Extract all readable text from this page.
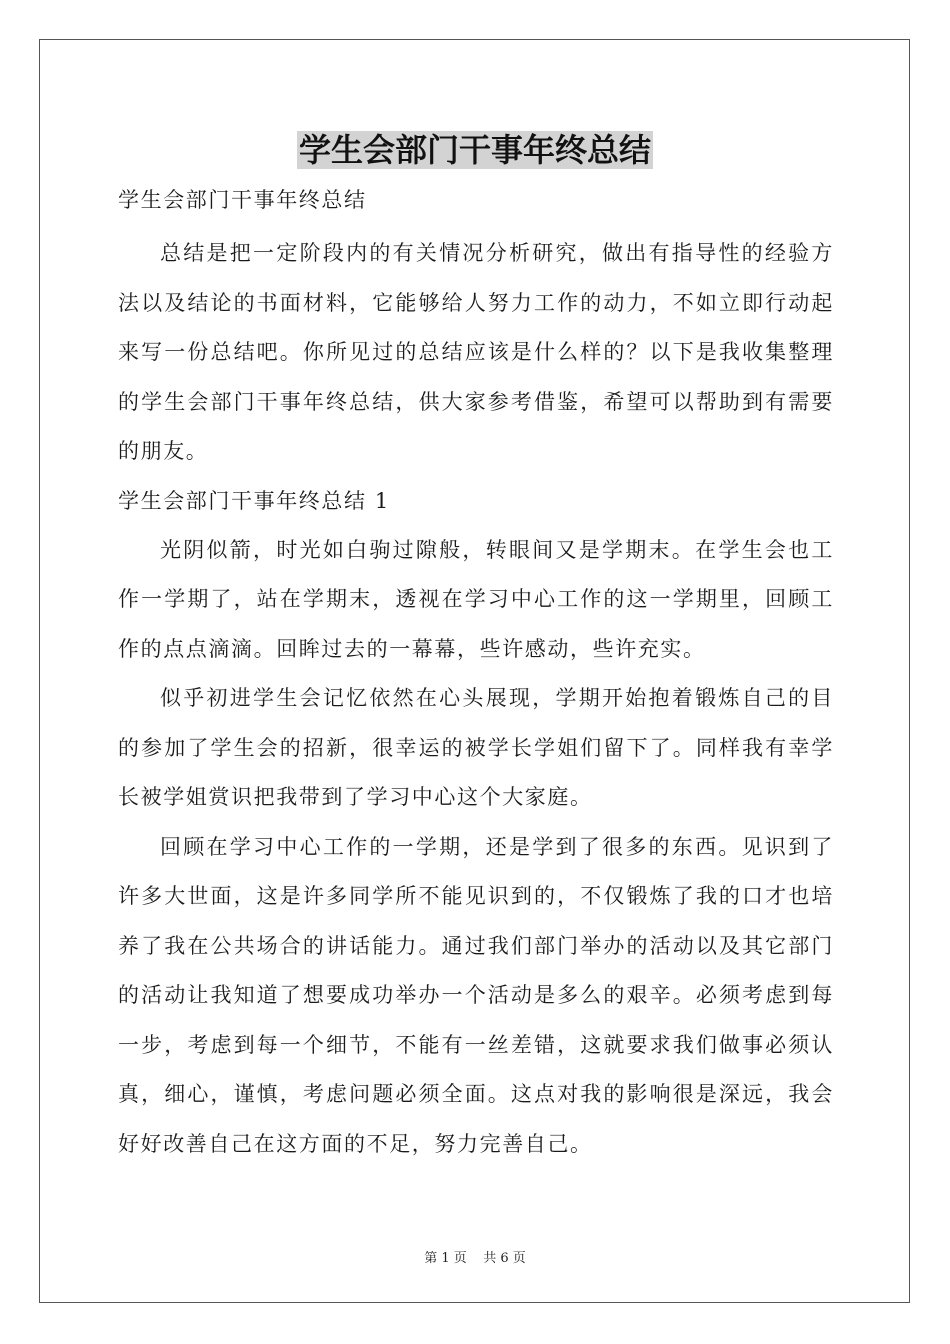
学生会部门干事年终总结

学生会部门干事年终总结

总结是把一定阶段内的有关情况分析研究，做出有指导性的经验方法以及结论的书面材料，它能够给人努力工作的动力，不如立即行动起来写一份总结吧。你所见过的总结应该是什么样的？以下是我收集整理的学生会部门干事年终总结，供大家参考借鉴，希望可以帮助到有需要的朋友。

学生会部门干事年终总结 1

光阴似箭，时光如白驹过隙般，转眼间又是学期末。在学生会也工作一学期了，站在学期末，透视在学习中心工作的这一学期里，回顾工作的点点滴滴。回眸过去的一幕幕，些许感动，些许充实。

似乎初进学生会记忆依然在心头展现，学期开始抱着锻炼自己的目的参加了学生会的招新，很幸运的被学长学姐们留下了。同样我有幸学长被学姐赏识把我带到了学习中心这个大家庭。

回顾在学习中心工作的一学期，还是学到了很多的东西。见识到了许多大世面，这是许多同学所不能见识到的，不仅锻炼了我的口才也培养了我在公共场合的讲话能力。通过我们部门举办的活动以及其它部门的活动让我知道了想要成功举办一个活动是多么的艰辛。必须考虑到每一步，考虑到每一个细节，不能有一丝差错，这就要求我们做事必须认真，细心，谨慎，考虑问题必须全面。这点对我的影响很是深远，我会好好改善自己在这方面的不足，努力完善自己。

第 1 页    共 6 页
